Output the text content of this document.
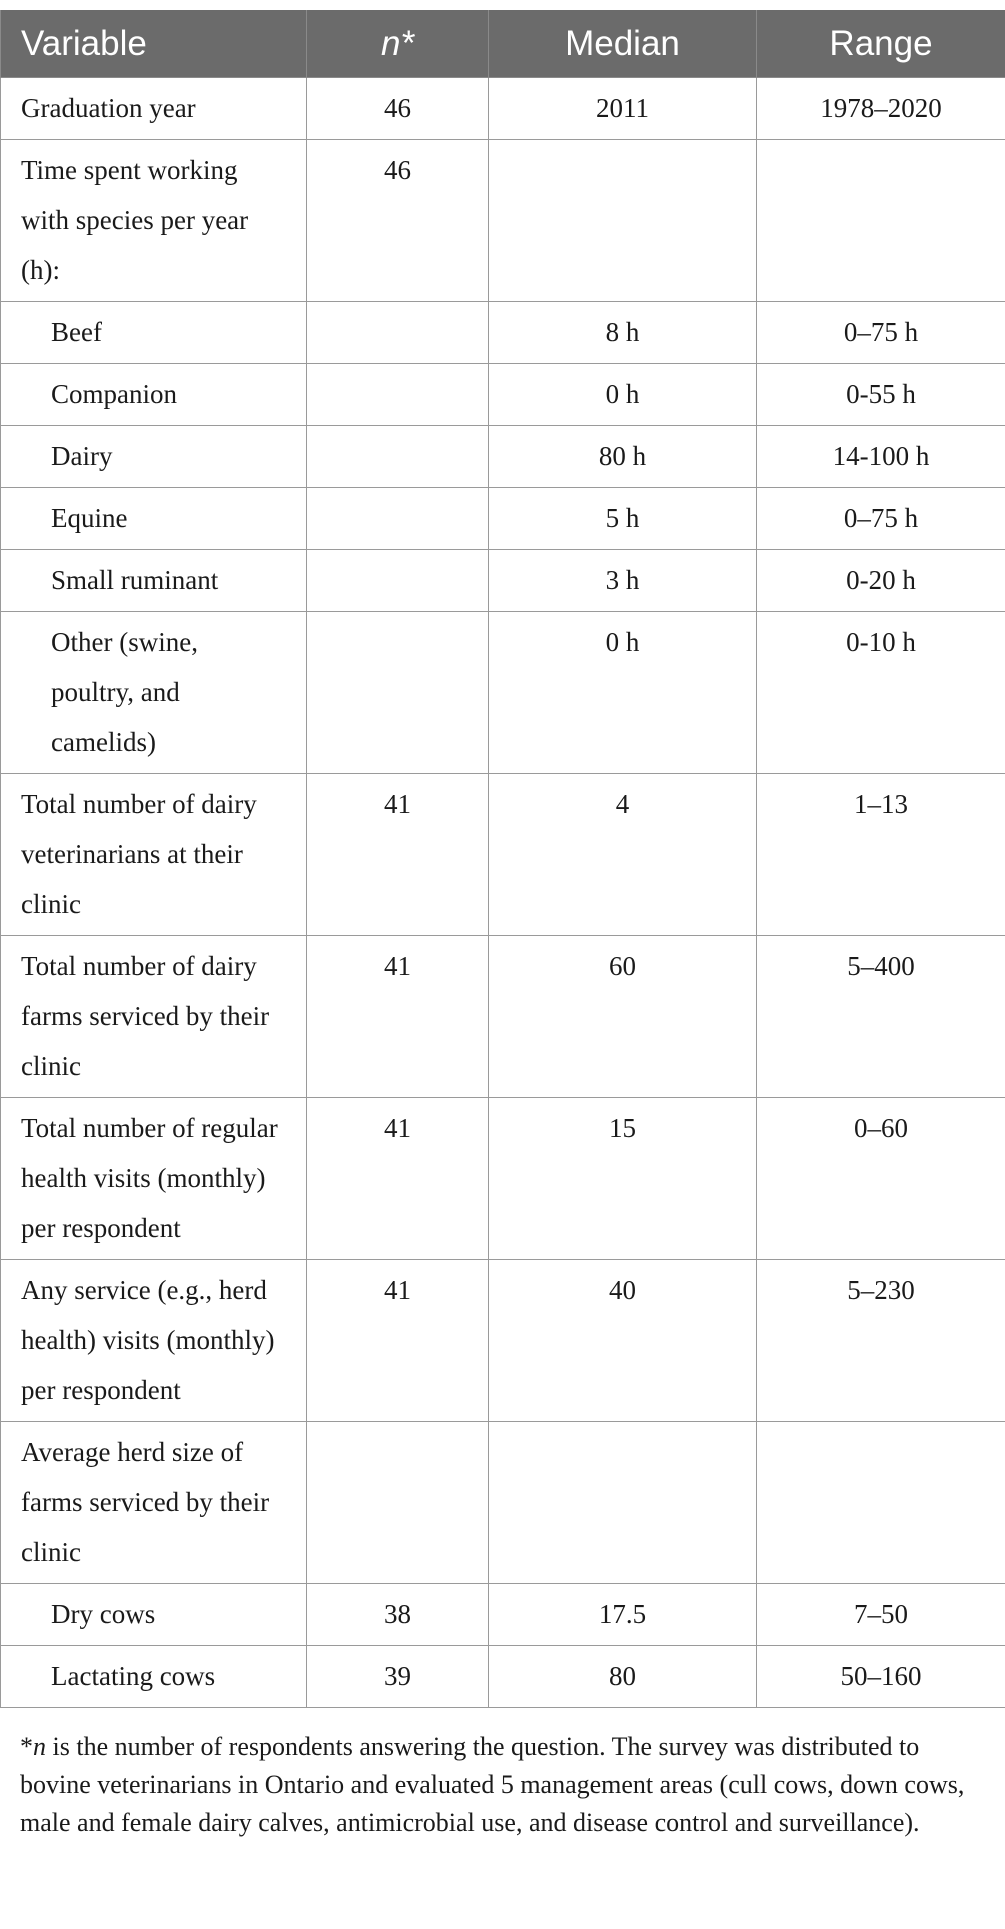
Variable	n*	Median	Range
Graduation year	46	2011	1978–2020
Time spent working with species per year (h):	46		
Beef		8 h	0–75 h
Companion		0 h	0-55 h
Dairy		80 h	14-100 h
Equine		5 h	0–75 h
Small ruminant		3 h	0-20 h
Other (swine, poultry, and camelids)		0 h	0-10 h
Total number of dairy veterinarians at their clinic	41	4	1–13
Total number of dairy farms serviced by their clinic	41	60	5–400
Total number of regular health visits (monthly) per respondent	41	15	0–60
Any service (e.g., herd health) visits (monthly) per respondent	41	40	5–230
Average herd size of farms serviced by their clinic			
Dry cows	38	17.5	7–50
Lactating cows	39	80	50–160
*n is the number of respondents answering the question. The survey was distributed to bovine veterinarians in Ontario and evaluated 5 management areas (cull cows, down cows, male and female dairy calves, antimicrobial use, and disease control and surveillance).
